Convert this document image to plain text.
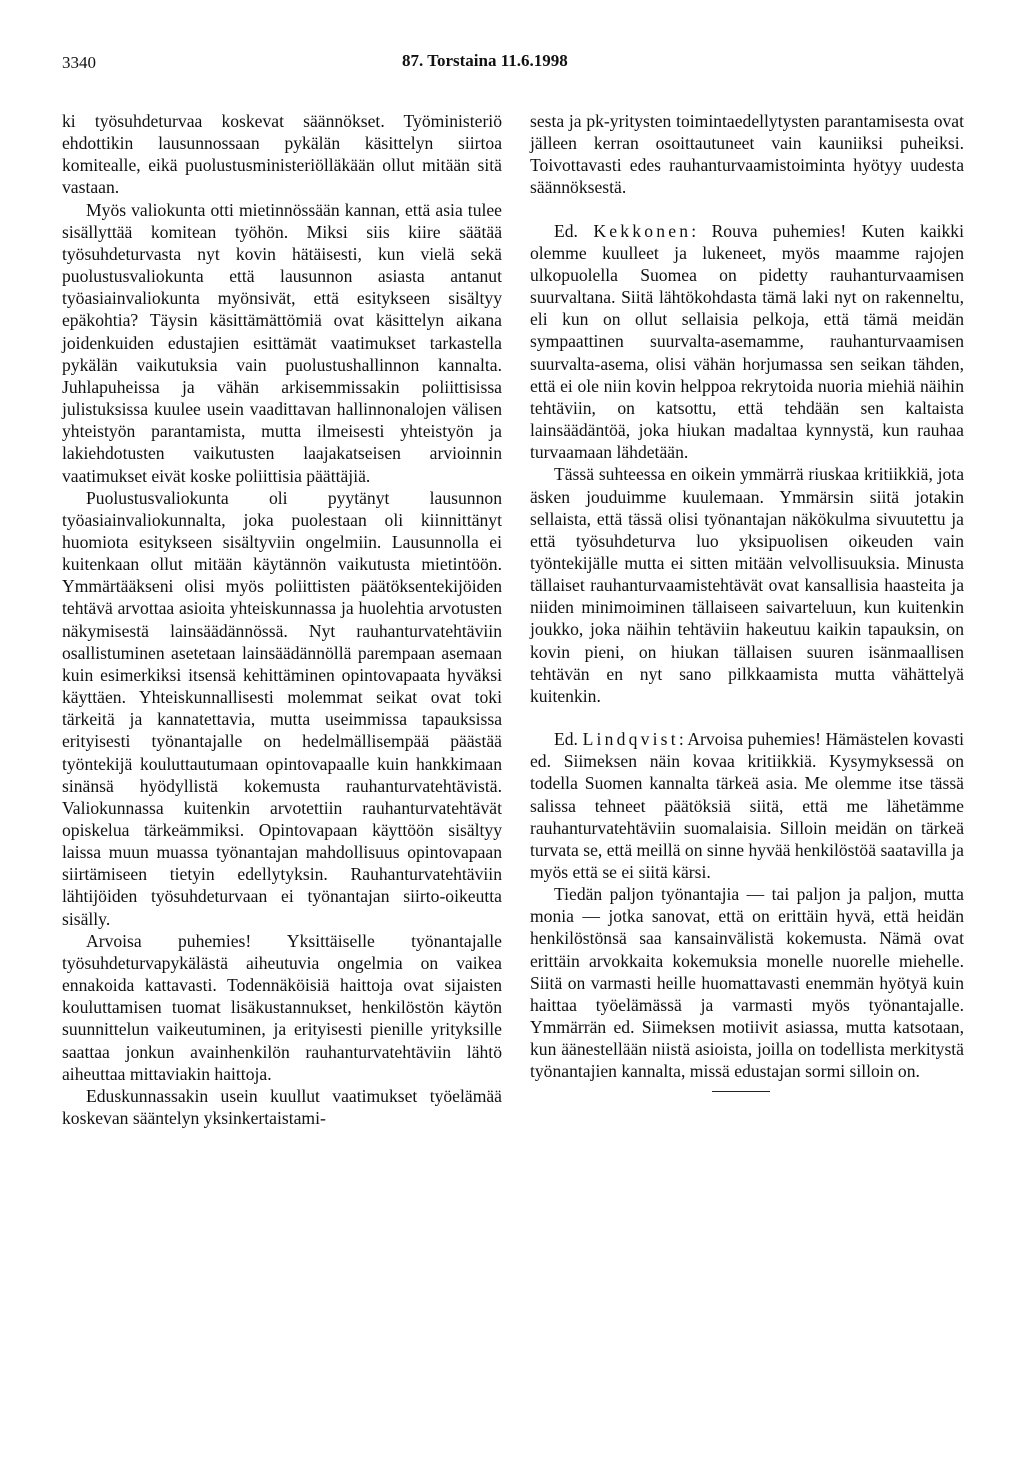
3340	87. Torstaina 11.6.1998

ki työsuhdeturvaa koskevat säännökset. Työministeriö ehdottikin lausunnossaan pykälän käsittelyn siirtoa komitealle, eikä puolustusministeriölläkään ollut mitään sitä vastaan.

Myös valiokunta otti mietinnössään kannan, että asia tulee sisällyttää komitean työhön. Miksi siis kiire säätää työsuhdeturvasta nyt kovin hätäisesti, kun vielä sekä puolustusvaliokunta että lausunnon asiasta antanut työasiainvaliokunta myönsivät, että esitykseen sisältyy epäkohtia? Täysin käsittämättömiä ovat käsittelyn aikana joidenkuiden edustajien esittämät vaatimukset tarkastella pykälän vaikutuksia vain puolustushallinnon kannalta. Juhlapuheissa ja vähän arkisemmissakin poliittisissa julistuksissa kuulee usein vaadittavan hallinnonalojen välisen yhteistyön parantamista, mutta ilmeisesti yhteistyön ja lakiehdotusten vaikutusten laajakatseisen arvioinnin vaatimukset eivät koske poliittisia päättäjiä.

Puolustusvaliokunta oli pyytänyt lausunnon työasiainvaliokunnalta, joka puolestaan oli kiinnittänyt huomiota esitykseen sisältyviin ongelmiin. Lausunnolla ei kuitenkaan ollut mitään käytännön vaikutusta mietintöön. Ymmärtääkseni olisi myös poliittisten päätöksentekijöiden tehtävä arvottaa asioita yhteiskunnassa ja huolehtia arvotusten näkymisestä lainsäädännössä. Nyt rauhanturvatehtäviin osallistuminen asetetaan lainsäädännöllä parempaan asemaan kuin esimerkiksi itsensä kehittäminen opintovapaata hyväksi käyttäen. Yhteiskunnallisesti molemmat seikat ovat toki tärkeitä ja kannatettavia, mutta useimmissa tapauksissa erityisesti työnantajalle on hedelmällisempää päästää työntekijä kouluttautumaan opintovapaalle kuin hankkimaan sinänsä hyödyllistä kokemusta rauhanturvatehtävistä. Valiokunnassa kuitenkin arvotettiin rauhanturvatehtävät opiskelua tärkeämmiksi. Opintovapaan käyttöön sisältyy laissa muun muassa työnantajan mahdollisuus opintovapaan siirtämiseen tietyin edellytyksin. Rauhanturvatehtäviin lähtijöiden työsuhdeturvaan ei työnantajan siirto-oikeutta sisälly.

Arvoisa puhemies! Yksittäiselle työnantajalle työsuhdeturvapykälästä aiheutuvia ongelmia on vaikea ennakoida kattavasti. Todennäköisiä haittoja ovat sijaisten kouluttamisen tuomat lisäkustannukset, henkilöstön käytön suunnittelun vaikeutuminen, ja erityisesti pienille yrityksille saattaa jonkun avainhenkilön rauhanturvatehtäviin lähtö aiheuttaa mittaviakin haittoja.

Eduskunnassakin usein kuullut vaatimukset työelämää koskevan sääntelyn yksinkertaistami-

sesta ja pk-yritysten toimintaedellytysten parantamisesta ovat jälleen kerran osoittautuneet vain kauniiksi puheiksi. Toivottavasti edes rauhanturvaamistoiminta hyötyy uudesta säännöksestä.

Ed. Kekkonen: Rouva puhemies! Kuten kaikki olemme kuulleet ja lukeneet, myös maamme rajojen ulkopuolella Suomea on pidetty rauhanturvaamisen suurvaltana. Siitä lähtökohdasta tämä laki nyt on rakenneltu, eli kun on ollut sellaisia pelkoja, että tämä meidän sympaattinen suurvalta-asemamme, rauhanturvaamisen suurvalta-asema, olisi vähän horjumassa sen seikan tähden, että ei ole niin kovin helppoa rekrytoida nuoria miehiä näihin tehtäviin, on katsottu, että tehdään sen kaltaista lainsäädäntöä, joka hiukan madaltaa kynnystä, kun rauhaa turvaamaan lähdetään.

Tässä suhteessa en oikein ymmärrä riuskaa kritiikkiä, jota äsken jouduimme kuulemaan. Ymmärsin siitä jotakin sellaista, että tässä olisi työnantajan näkökulma sivuutettu ja että työsuhdeturva luo yksipuolisen oikeuden vain työntekijälle mutta ei sitten mitään velvollisuuksia. Minusta tällaiset rauhanturvaamistehtävät ovat kansallisia haasteita ja niiden minimoiminen tällaiseen saivarteluun, kun kuitenkin joukko, joka näihin tehtäviin hakeutuu kaikin tapauksin, on kovin pieni, on hiukan tällaisen suuren isänmaallisen tehtävän en nyt sano pilkkaamista mutta vähättelyä kuitenkin.

Ed. Lindqvist: Arvoisa puhemies! Hämästelen kovasti ed. Siimeksen näin kovaa kritiikkiä. Kysymyksessä on todella Suomen kannalta tärkeä asia. Me olemme itse tässä salissa tehneet päätöksiä siitä, että me lähetämme rauhanturvatehtäviin suomalaisia. Silloin meidän on tärkeä turvata se, että meillä on sinne hyvää henkilöstöä saatavilla ja myös että se ei siitä kärsi.

Tiedän paljon työnantajia — tai paljon ja paljon, mutta monia — jotka sanovat, että on erittäin hyvä, että heidän henkilöstönsä saa kansainvälistä kokemusta. Nämä ovat erittäin arvokkaita kokemuksia monelle nuorelle miehelle. Siitä on varmasti heille huomattavasti enemmän hyötyä kuin haittaa työelämässä ja varmasti myös työnantajalle. Ymmärrän ed. Siimeksen motiivit asiassa, mutta katsotaan, kun äänestellään niistä asioista, joilla on todellista merkitystä työnantajien kannalta, missä edustajan sormi silloin on.
